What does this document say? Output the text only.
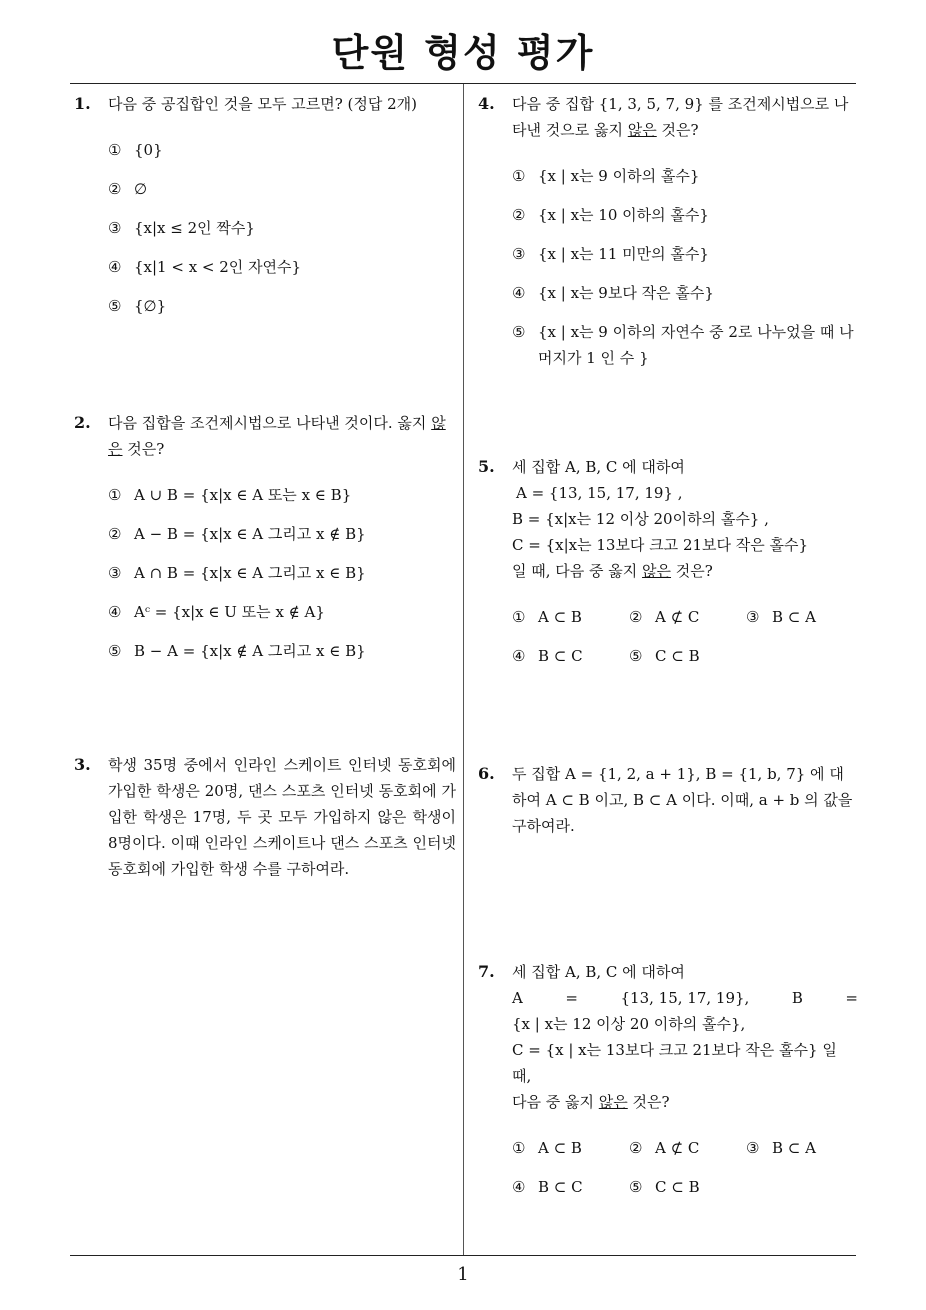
단원 형성 평가
1
1. 다음 중 공집합인 것을 모두 고르면? (정답 2개)
① {0}
② ∅
③ {x|x ≤ 2인 짝수}
④ {x|1 < x < 2인 자연수}
⑤ {∅}
2. 다음 집합을 조건제시법으로 나타낸 것이다. 옳지 않은 것은?
① A ∪ B = {x|x ∈ A 또는 x ∈ B}
② A − B = {x|x ∈ A 그리고 x ∉ B}
③ A ∩ B = {x|x ∈ A 그리고 x ∈ B}
④ Aᶜ = {x|x ∈ U 또는 x ∉ A}
⑤ B − A = {x|x ∉ A 그리고 x ∈ B}
3. 학생 35명 중에서 인라인 스케이트 인터넷 동호회에 가입한 학생은 20명, 댄스 스포츠 인터넷 동호회에 가입한 학생은 17명, 두 곳 모두 가입하지 않은 학생이 8명이다. 이때 인라인 스케이트나 댄스 스포츠 인터넷 동호회에 가입한 학생 수를 구하여라.
4. 다음 중 집합 {1, 3, 5, 7, 9} 를 조건제시법으로 나타낸 것으로 옳지 않은 것은?
① {x | x는 9 이하의 홀수}
② {x | x는 10 이하의 홀수}
③ {x | x는 11 미만의 홀수}
④ {x | x는 9보다 작은 홀수}
⑤ {x | x는 9 이하의 자연수 중 2로 나누었을 때 나머지가 1 인 수 }
5. 세 집합 A, B, C 에 대하여
A = {13, 15, 17, 19} ,
B = {x|x는 12 이상 20이하의 홀수} ,
C = {x|x는 13보다 크고 21보다 작은 홀수}
일 때, 다음 중 옳지 않은 것은?
① A ⊂ B	② A ⊄ C	③ B ⊂ A
④ B ⊂ C	⑤ C ⊂ B
6. 두 집합 A = {1, 2, a + 1}, B = {1, b, 7} 에 대하여 A ⊂ B 이고, B ⊂ A 이다. 이때, a + b 의 값을 구하여라.
7. 세 집합 A, B, C 에 대하여
A	=	{13, 15, 17, 19},	B	=
{x | x는 12 이상 20 이하의 홀수},
C = {x | x는 13보다 크고 21보다 작은 홀수} 일 때,
다음 중 옳지 않은 것은?
① A ⊂ B	② A ⊄ C	③ B ⊂ A
④ B ⊂ C	⑤ C ⊂ B
